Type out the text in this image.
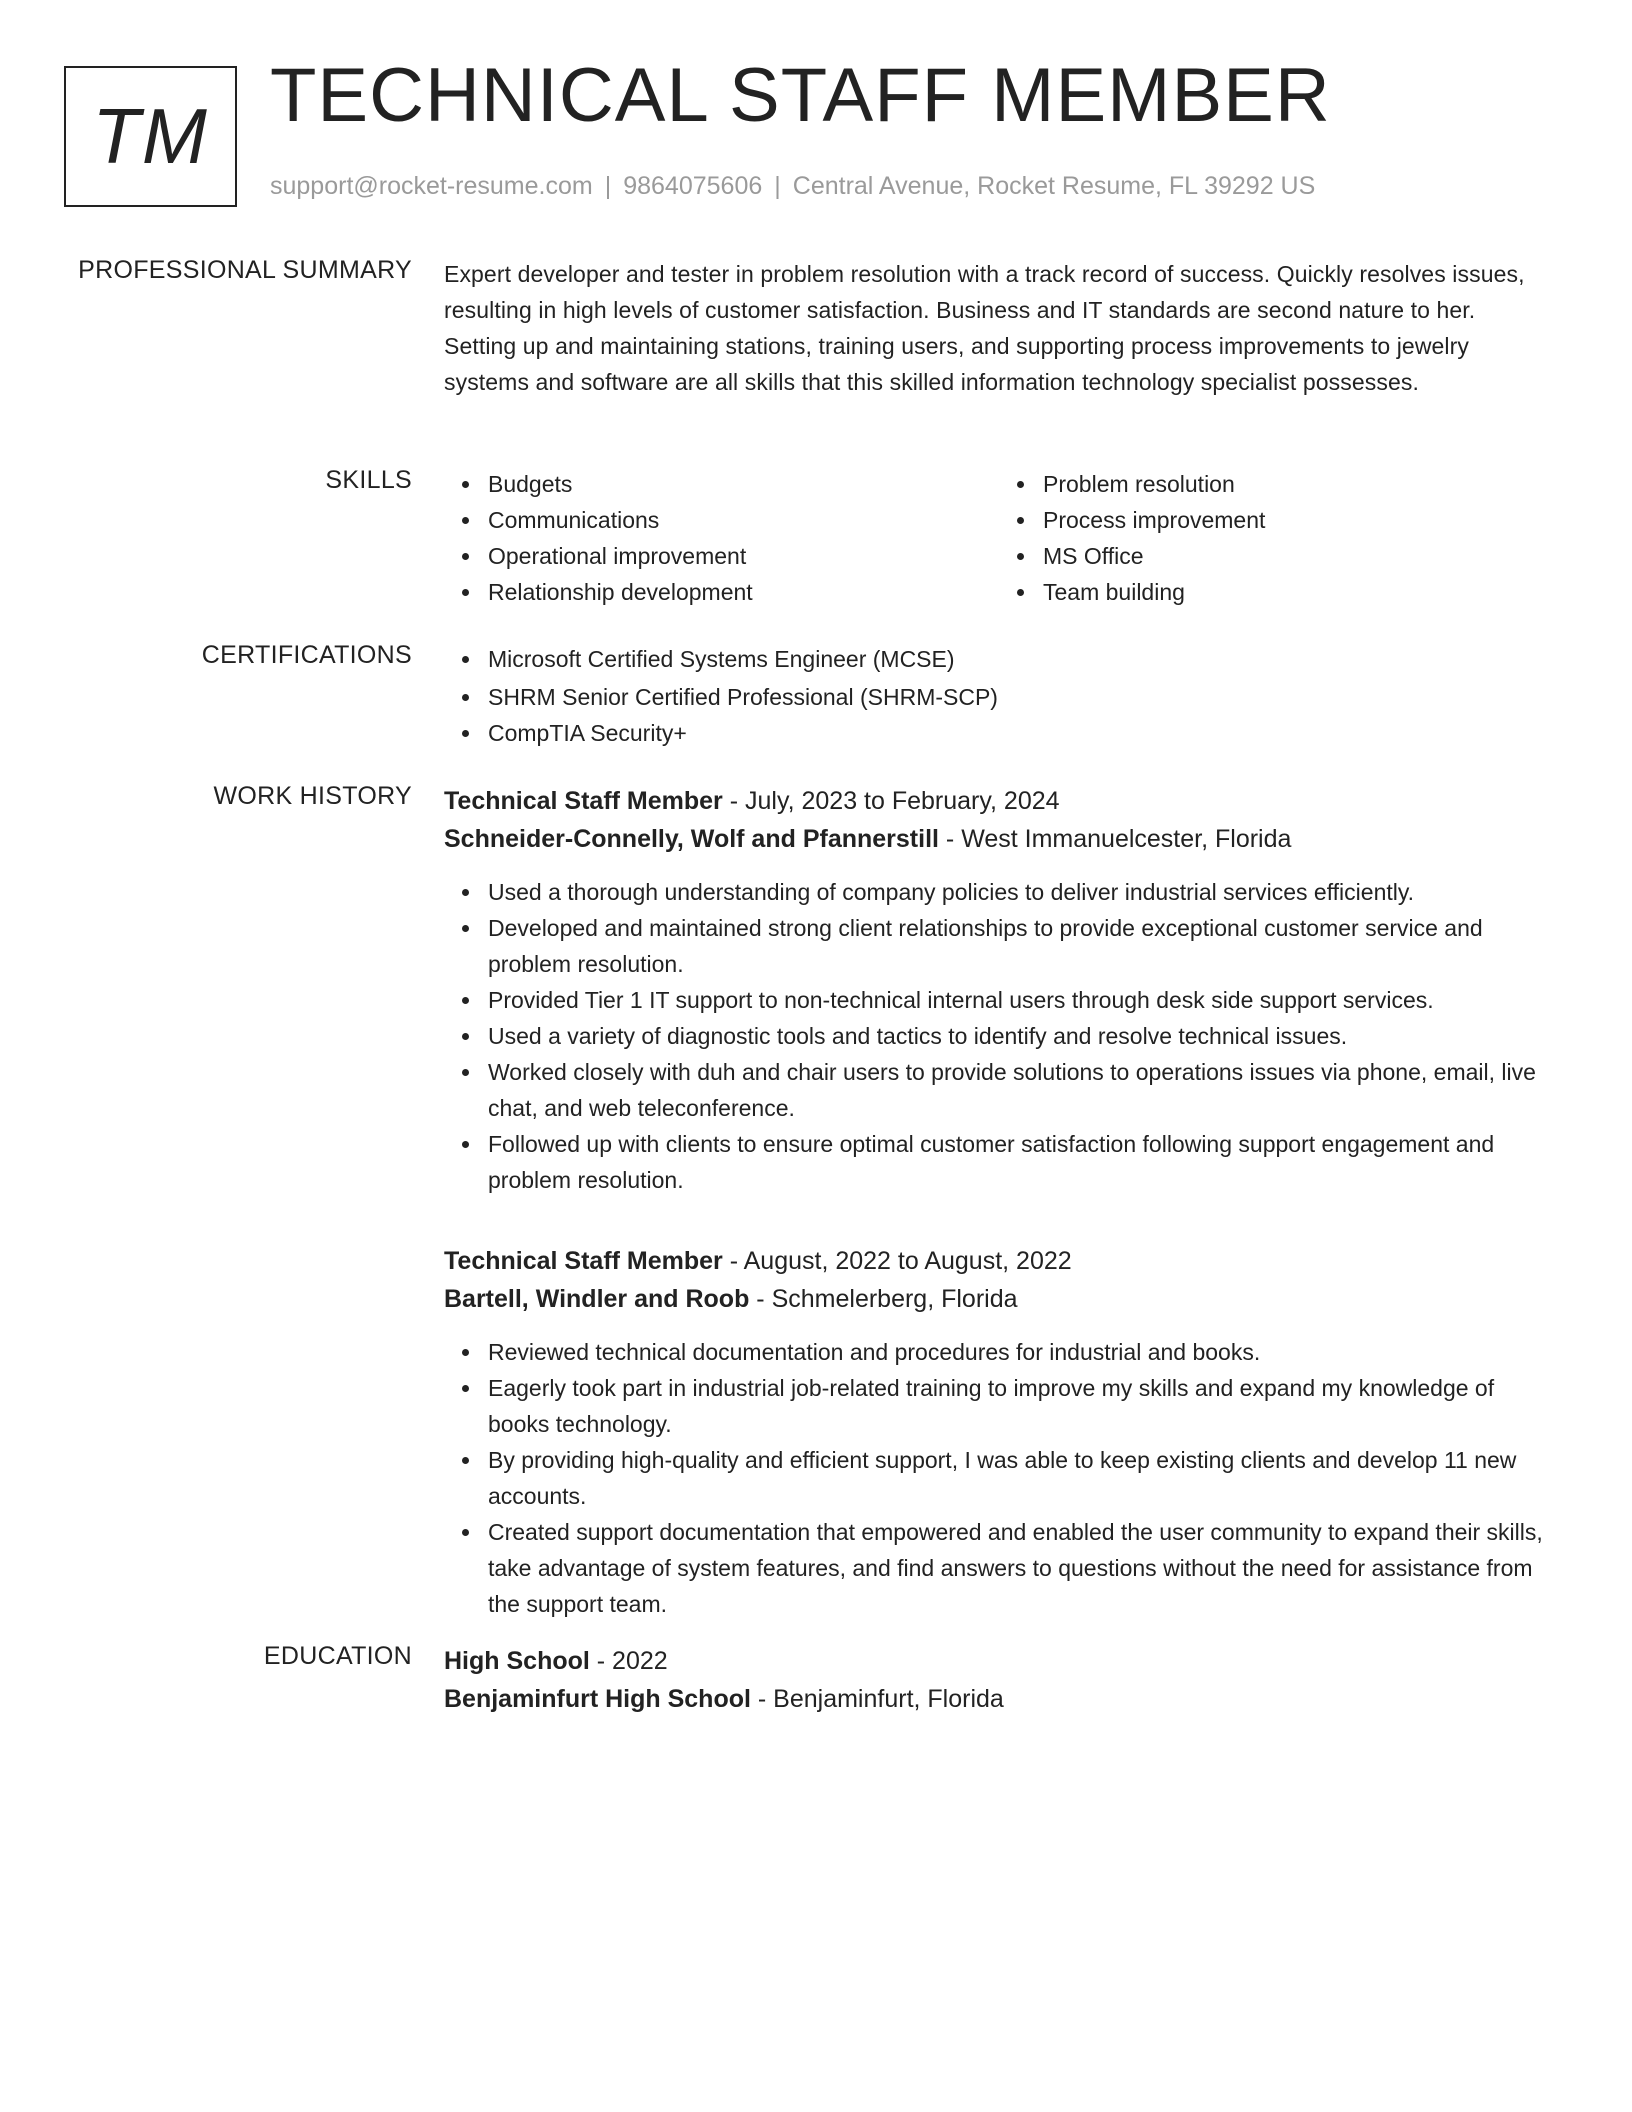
TM TECHNICAL STAFF MEMBER
support@rocket-resume.com | 9864075606 | Central Avenue, Rocket Resume, FL 39292 US
PROFESSIONAL SUMMARY Expert developer and tester in problem resolution with a track record of success. Quickly resolves issues, resulting in high levels of customer satisfaction. Business and IT standards are second nature to her. Setting up and maintaining stations, training users, and supporting process improvements to jewelry systems and software are all skills that this skilled information technology specialist possesses.

SKILLS	Budgets
Communications
Operational improvement
Relationship development
Problem resolution
Process improvement
MS Office
Team building
CERTIFICATIONS	Microsoft Certified Systems Engineer (MCSE)
SHRM Senior Certified Professional (SHRM-SCP)
CompTIA Security+
WORK HISTORY Technical Staff Member - July, 2023 to February, 2024
Schneider-Connelly, Wolf and Pfannerstill - West Immanuelcester, Florida
Used a thorough understanding of company policies to deliver industrial services efficiently.
Developed and maintained strong client relationships to provide exceptional customer service and problem resolution.
Provided Tier 1 IT support to non-technical internal users through desk side support services.
Used a variety of diagnostic tools and tactics to identify and resolve technical issues.
Worked closely with duh and chair users to provide solutions to operations issues via phone, email, live chat, and web teleconference.
Followed up with clients to ensure optimal customer satisfaction following support engagement and problem resolution.
Technical Staff Member - August, 2022 to August, 2022
Bartell, Windler and Roob - Schmelerberg, Florida
Reviewed technical documentation and procedures for industrial and books.
Eagerly took part in industrial job-related training to improve my skills and expand my knowledge of books technology.
By providing high-quality and efficient support, I was able to keep existing clients and develop 11 new accounts.
Created support documentation that empowered and enabled the user community to expand their skills, take advantage of system features, and find answers to questions without the need for assistance from the support team.
EDUCATION High School - 2022
Benjaminfurt High School - Benjaminfurt, Florida
